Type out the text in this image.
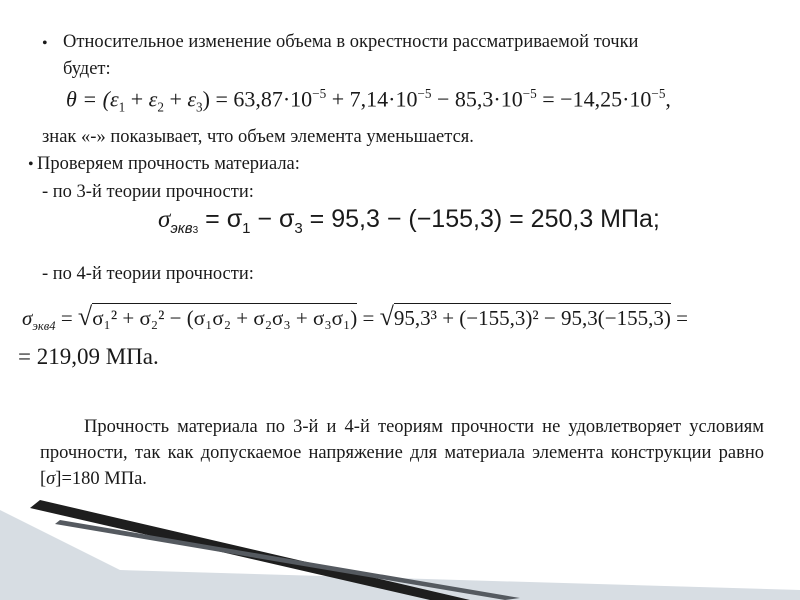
• Относительное изменение объема в окрестности рассматриваемой точки
будет:
$\theta = (\varepsilon_1 + \varepsilon_2 + \varepsilon_3) = 63,87\cdot 10^{-5} + 7,14\cdot 10^{-5} - 85,3\cdot 10^{-5} = -14,25\cdot 10^{-5}$,
знак «-» показывает, что объем элемента уменьшается.
• Проверяем прочность материала:
- по 3-й теории прочности:
$\sigma_{экв3} = \sigma_1 - \sigma_3 = 95,3 - (-155,3) = 250,3$ МПа;
- по 4-й теории прочности:
$\sigma_{экв4} = √\sigma_1^2 + \sigma_2^2 - (\sigma_1\sigma_2 + \sigma_2\sigma_3 + \sigma_3\sigma_1) = √95,3^3 + (-155,3)^2 - 95,3(-155,3)$ =
= 219,09 МПа.
Прочность материала по 3-й и 4-й теориям прочности не удовлетворяет условиям прочности, так как допускаемое напряжение для материала элемента конструкции равно [σ]=180 МПа.
